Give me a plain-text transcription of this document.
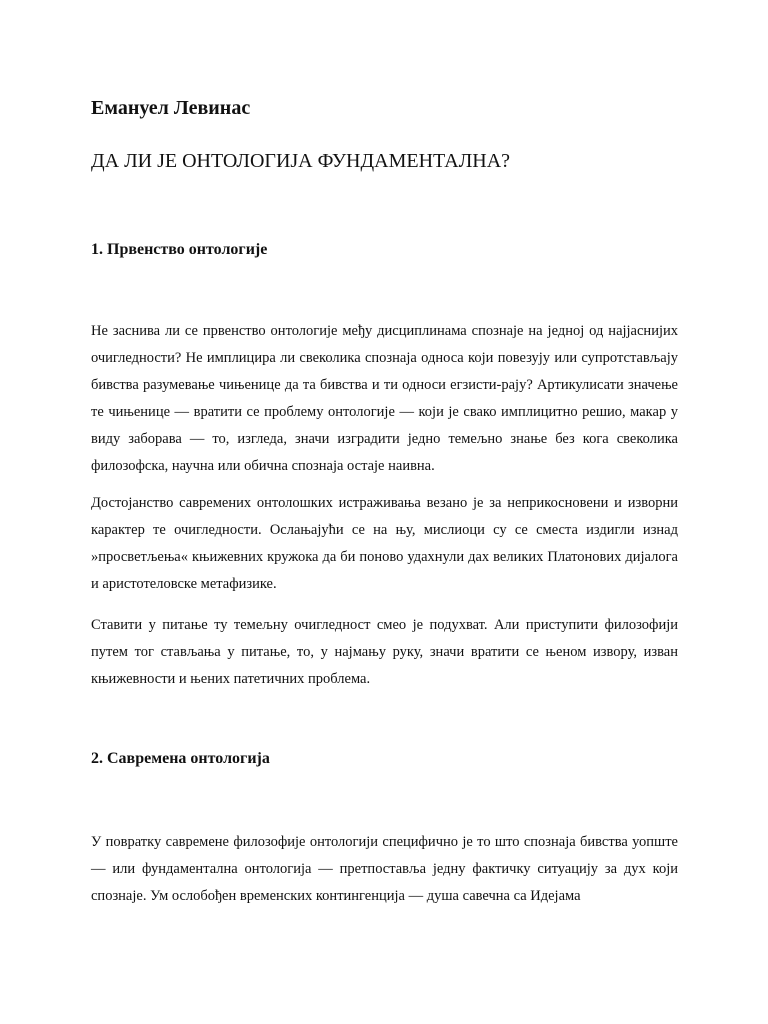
Емануел Левинас
ДА ЛИ ЈЕ ОНТОЛОГИЈА ФУНДАМЕНТАЛНА?
1. Првенство онтологије

Не заснива ли се првенство онтологије међу дисциплинама спознаје на једној од најјаснијих очигледности? Не имплицира ли свеколика спознаја односа који повезују или супротстављају бивства разумевање чињенице да та бивства и ти односи егзисти-рају? Артикулисати значење те чињенице — вратити се проблему онтологије — који је свако имплицитно решио, макар у виду заборава — то, изгледа, значи изградити једно темељно знање без кога свеколика филозофска, научна или обична спознаја остаје наивна.

Достојанство савремених онтолошких истраживања везано је за неприкосновени и изворни карактер те очигледности. Ослањајући се на њу, мислиоци су се сместа издигли изнад »просветљења« књижевних кружока да би поново удахнули дах великих Платонових дијалога и аристотеловске метафизике.

Ставити у питање ту темељну очигледност смео је подухват. Али приступити филозофији путем тог стављања у питање, то, у најмању руку, значи вратити се њеном извору, изван књижевности и њених патетичних проблема.

2. Савремена онтологија

У повратку савремене филозофије онтологији специфично је то што спознаја бивства уопште — или фундаментална онтологија — претпоставља једну фактичку ситуацију за дух који спознаје. Ум ослобођен временских контингенција — душа савечна са Идејама
